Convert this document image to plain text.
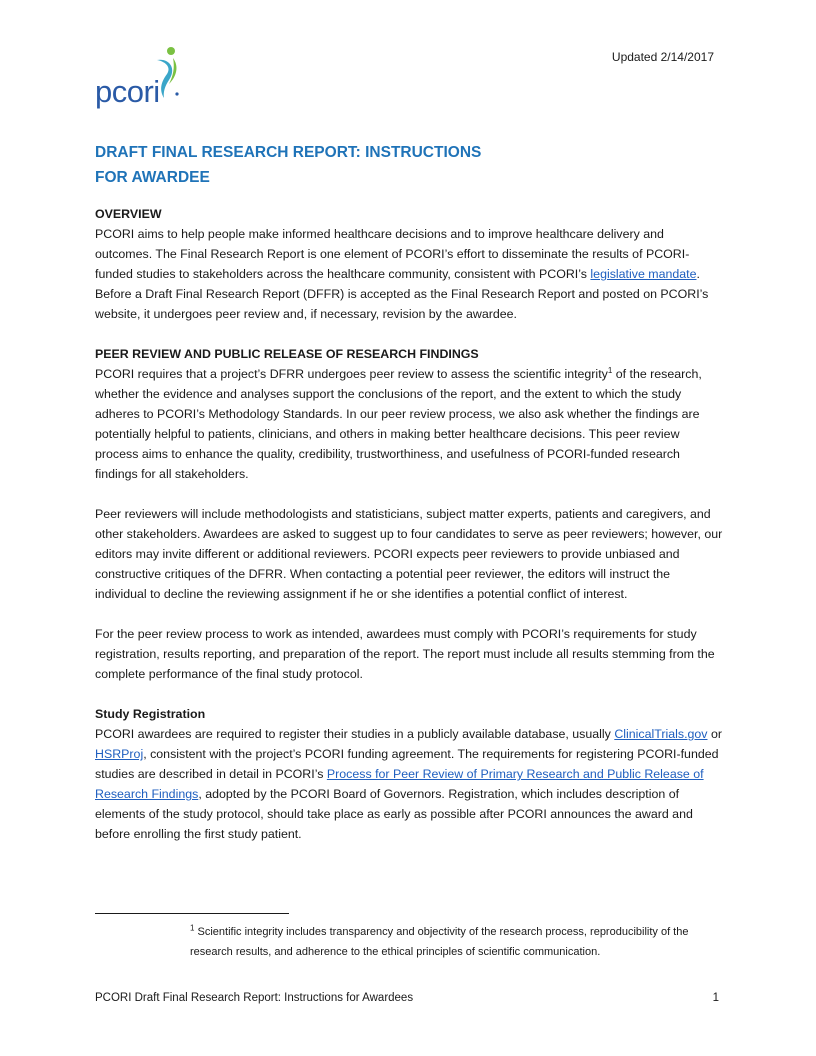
pcori
Updated 2/14/2017
DRAFT FINAL RESEARCH REPORT: INSTRUCTIONS
FOR AWARDEE
OVERVIEW

PCORI aims to help people make informed healthcare decisions and to improve healthcare delivery and outcomes. The Final Research Report is one element of PCORI’s effort to disseminate the results of PCORI-funded studies to stakeholders across the healthcare community, consistent with PCORI’s legislative mandate. Before a Draft Final Research Report (DFFR) is accepted as the Final Research Report and posted on PCORI’s website, it undergoes peer review and, if necessary, revision by the awardee.

PEER REVIEW AND PUBLIC RELEASE OF RESEARCH FINDINGS

PCORI requires that a project’s DFRR undergoes peer review to assess the scientific integrity$^1$ of the research, whether the evidence and analyses support the conclusions of the report, and the extent to which the study adheres to PCORI’s Methodology Standards. In our peer review process, we also ask whether the findings are potentially helpful to patients, clinicians, and others in making better healthcare decisions. This peer review process aims to enhance the quality, credibility, trustworthiness, and usefulness of PCORI-funded research findings for all stakeholders.

Peer reviewers will include methodologists and statisticians, subject matter experts, patients and caregivers, and other stakeholders. Awardees are asked to suggest up to four candidates to serve as peer reviewers; however, our editors may invite different or additional reviewers. PCORI expects peer reviewers to provide unbiased and constructive critiques of the DFRR. When contacting a potential peer reviewer, the editors will instruct the individual to decline the reviewing assignment if he or she identifies a potential conflict of interest.

For the peer review process to work as intended, awardees must comply with PCORI’s requirements for study registration, results reporting, and preparation of the report. The report must include all results stemming from the complete performance of the final study protocol.

Study Registration

PCORI awardees are required to register their studies in a publicly available database, usually ClinicalTrials.gov or HSRProj, consistent with the project’s PCORI funding agreement. The requirements for registering PCORI-funded studies are described in detail in PCORI’s Process for Peer Review of Primary Research and Public Release of Research Findings, adopted by the PCORI Board of Governors. Registration, which includes description of elements of the study protocol, should take place as early as possible after PCORI announces the award and before enrolling the first study patient.

$^1$ Scientific integrity includes transparency and objectivity of the research process, reproducibility of the research results, and adherence to the ethical principles of scientific communication.
PCORI Draft Final Research Report: Instructions for Awardees	1
